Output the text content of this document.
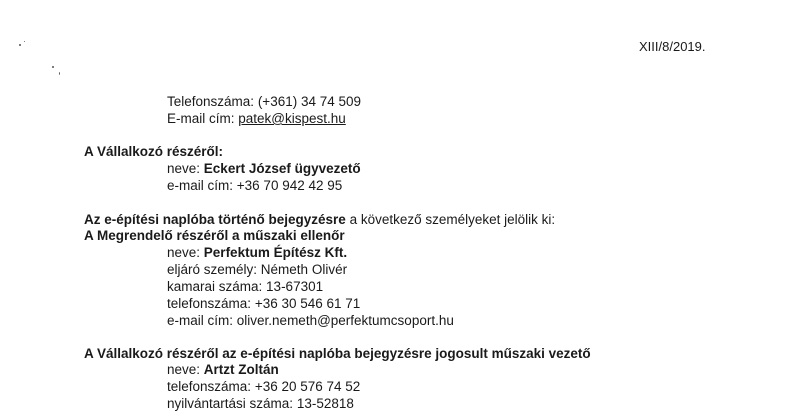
XIII/8/2019.
Telefonszáma: (+361) 34 74 509
E-mail cím: patek@kispest.hu
A Vállalkozó részéről:
neve: Eckert József ügyvezető
e-mail cím: +36 70 942 42 95
Az e-építési naplóba történő bejegyzésre a következő személyeket jelölik ki:
A Megrendelő részéről a műszaki ellenőr
neve: Perfektum Építész Kft.
eljáró személy: Németh Olivér
kamarai száma: 13-67301
telefonszáma: +36 30 546 61 71
e-mail cím: oliver.nemeth@perfektumcsoport.hu
A Vállalkozó részéről az e-építési naplóba bejegyzésre jogosult műszaki vezető
neve: Artzt Zoltán
telefonszáma: +36 20 576 74 52
nyilvántartási száma: 13-52818
